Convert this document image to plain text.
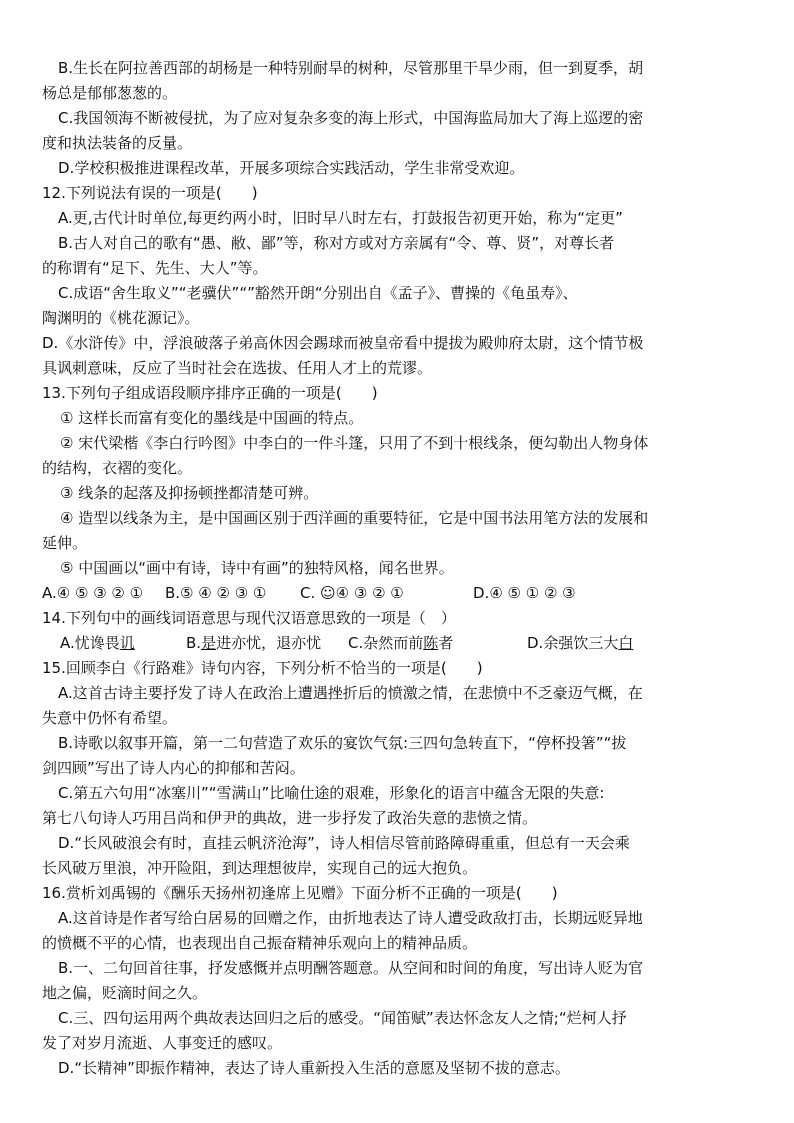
B.生长在阿拉善西部的胡杨是一种特别耐旱的树种，尽管那里干旱少雨，但一到夏季，胡
杨总是郁郁葱葱的。
C.我国领海不断被侵扰，为了应对复杂多变的海上形式，中国海监局加大了海上巡逻的密
度和执法装备的反量。
D.学校积极推进课程改革，开展多项综合实践活动，学生非常受欢迎。
12.下列说法有误的一项是(　　)
A.更,古代计时单位,每更约两小时，旧时早八时左右，打鼓报告初更开始，称为“定更”
B.古人对自己的歌有“愚、敝、鄙”等，称对方或对方亲属有“令、尊、贤”，对尊长者
的称谓有“足下、先生、大人”等。
C.成语“舍生取义”“老骥伏”“”豁然开朗“分别出自《孟子》、曹操的《龟虽寿》、
陶渊明的《桃花源记》。
D.《水浒传》中，浮浪破落子弟高休因会踢球而被皇帝看中提拔为殿帅府太尉，这个情节极
具讽刺意味，反应了当时社会在选拔、任用人才上的荒谬。
13.下列句子组成语段顺序排序正确的一项是(　　)
① 这样长而富有变化的墨线是中国画的特点。
② 宋代梁楷《李白行吟图》中李白的一件斗篷，只用了不到十根线条，便勾勒出人物身体
的结构，衣褶的变化。
③ 线条的起落及抑扬顿挫都清楚可辨。
④ 造型以线条为主，是中国画区别于西洋画的重要特征，它是中国书法用笔方法的发展和
延伸。
⑤ 中国画以“画中有诗，诗中有画”的独特风格，闻名世界。
A.④ ⑤ ③ ② ① B.⑤ ④ ② ③ ① C. ☺④ ③ ② ①	D.④ ⑤ ① ② ③
14.下列句中的画线词语意思与现代汉语意思致的一项是（　）
A.忧谗畏讥	B.是进亦忧，退亦忧 C.杂然而前陈者	D.余强饮三大白
15.回顾李白《行路难》诗句内容，下列分析不恰当的一项是(　　)
A.这首古诗主要抒发了诗人在政治上遭遇挫折后的愤激之情，在悲愤中不乏豪迈气概，在
失意中仍怀有希望。
B.诗歌以叙事开篇，第一二句营造了欢乐的宴饮气氛:三四句急转直下，“停杯投箸”“拔
剑四顾”写出了诗人内心的抑郁和苦闷。
C.第五六句用“冰塞川”“雪满山”比喻仕途的艰难，形象化的语言中蕴含无限的失意:
第七八句诗人巧用吕尚和伊尹的典故，进一步抒发了政治失意的悲愤之情。
D.“长风破浪会有时，直挂云帆济沧海”，诗人相信尽管前路障碍重重，但总有一天会乘
长风破万里浪，冲开险阻，到达理想彼岸，实现自己的远大抱负。
16.赏析刘禹锡的《酬乐天扬州初逢席上见赠》下面分析不正确的一项是(　　)
A.这首诗是作者写给白居易的回赠之作，由折地表达了诗人遭受政敌打击，长期远贬异地
的愤概不平的心情，也表现出自己振奋精神乐观向上的精神品质。
B.一、二句回首往事，抒发感慨并点明酬答题意。从空间和时间的角度，写出诗人贬为官
地之偏，贬滴时间之久。
C.三、四句运用两个典故表达回归之后的感受。“闻笛赋”表达怀念友人之情;“烂柯人抒
发了对岁月流逝、人事变迁的感叹。
D.“长精神”即振作精神，表达了诗人重新投入生活的意愿及坚韧不拔的意志。
